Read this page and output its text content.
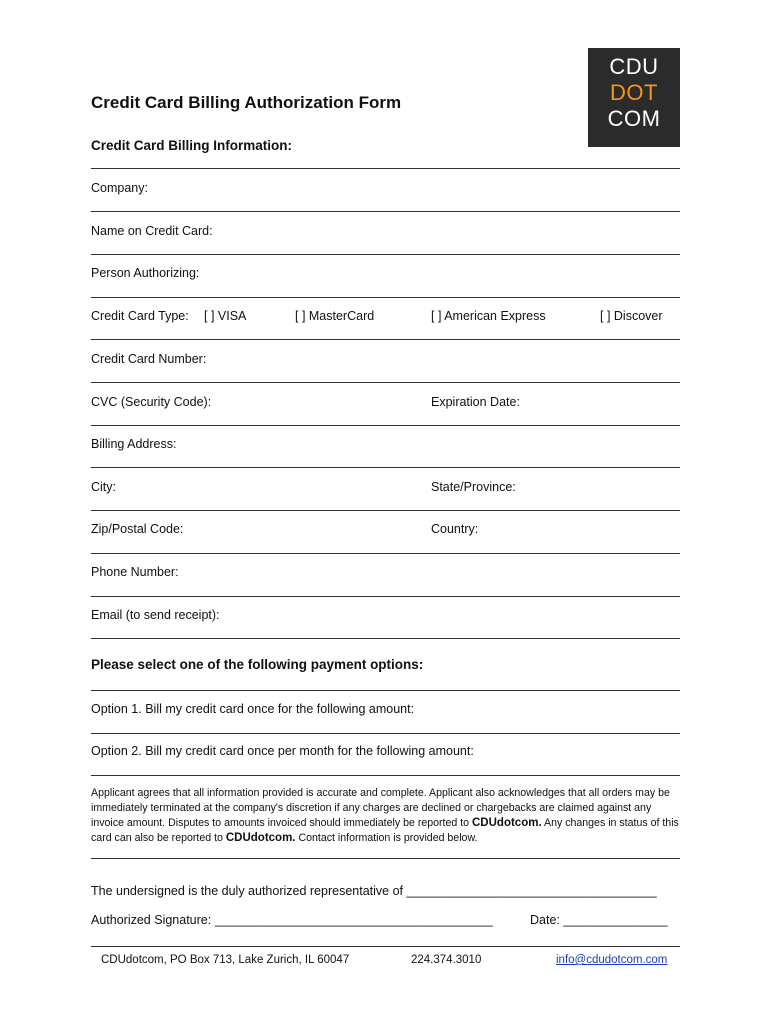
CDU
DOT
COM
Credit Card Billing Authorization Form
Credit Card Billing Information:
Company:
Name on Credit Card:
Person Authorizing:
Credit Card Type: [ ] VISA	[ ] MasterCard	[ ] American Express	[ ] Discover
Credit Card Number:
CVC (Security Code):	Expiration Date:
Billing Address:
City:	State/Province:
Zip/Postal Code:	Country:
Phone Number:
Email (to send receipt):
Please select one of the following payment options:
Option 1. Bill my credit card once for the following amount:
Option 2. Bill my credit card once per month for the following amount:

Applicant agrees that all information provided is accurate and complete. Applicant also acknowledges that all orders may be immediately terminated at the company's discretion if any charges are declined or chargebacks are claimed against any invoice amount. Disputes to amounts invoiced should immediately be reported to CDUdotcom. Any changes in status of this card can also be reported to CDUdotcom. Contact information is provided below.

The undersigned is the duly authorized representative of ____________________________________
Authorized Signature: ________________________________________	Date: _______________
CDUdotcom, PO Box 713, Lake Zurich, IL 60047	224.374.3010	info@cdudotcom.com
